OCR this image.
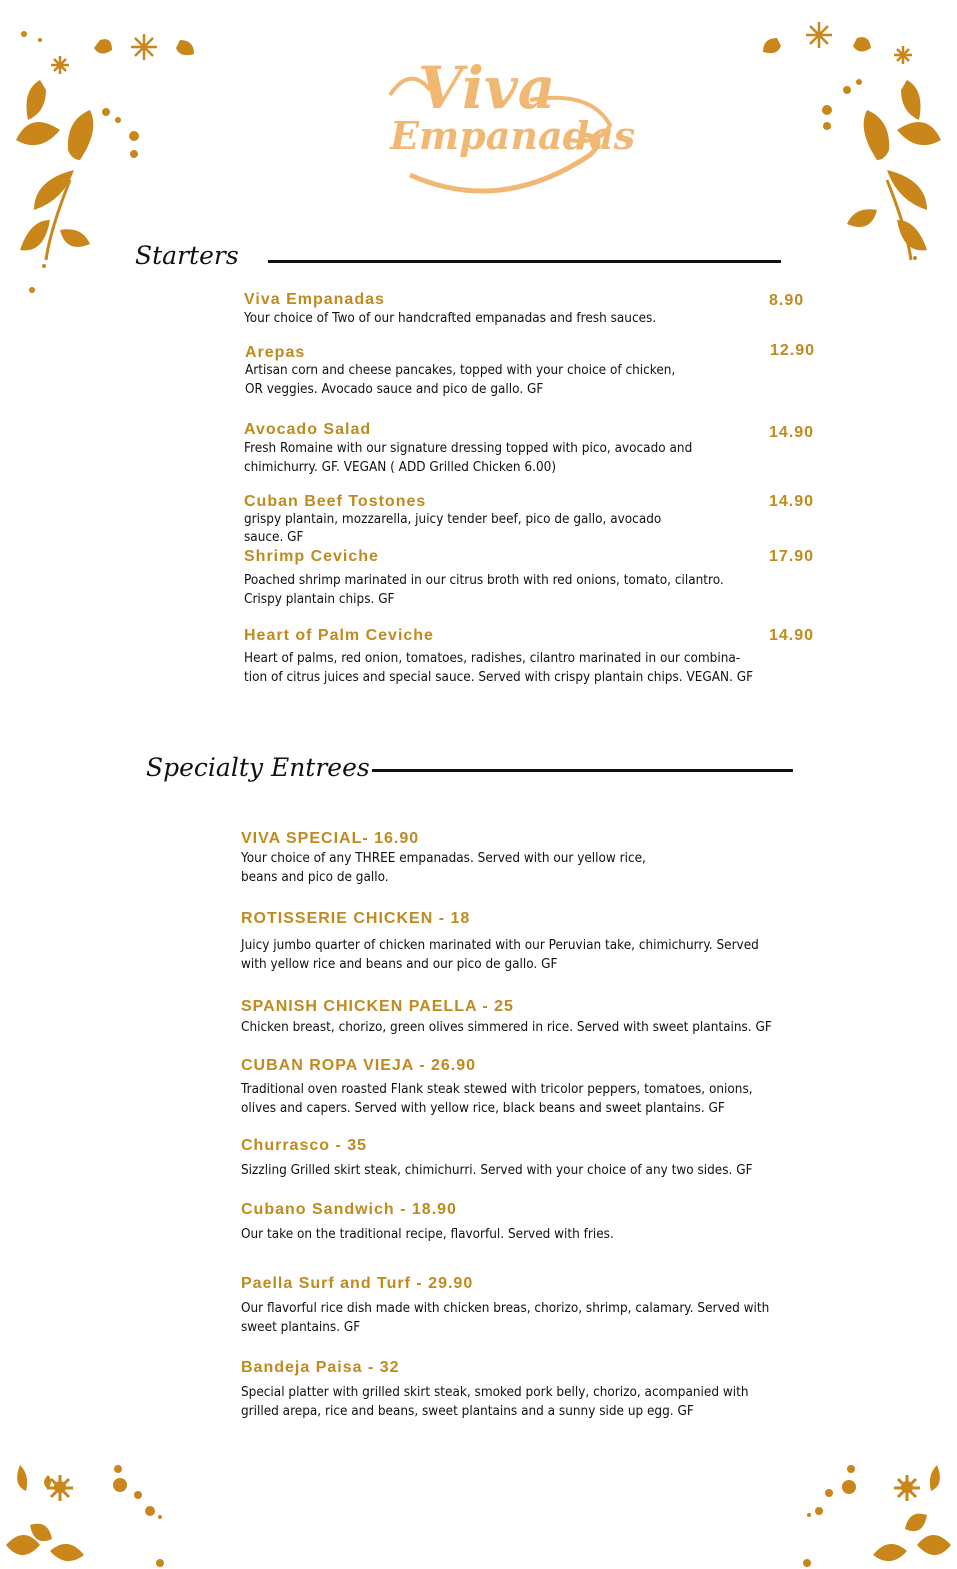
Viva
Empanadas
Starters
Viva Empanadas	8.90
Your choice of Two of our handcrafted empanadas and fresh sauces.
Arepas	12.90
Artisan corn and cheese pancakes, topped with your choice of chicken,
OR veggies. Avocado sauce and pico de gallo. GF
Avocado Salad	14.90
Fresh Romaine with our signature dressing topped with pico, avocado and
chimichurry. GF. VEGAN ( ADD Grilled Chicken 6.00)
Cuban Beef Tostones	14.90
grispy plantain, mozzarella, juicy tender beef, pico de gallo, avocado
sauce. GF
Shrimp Ceviche	17.90
Poached shrimp marinated in our citrus broth with red onions, tomato, cilantro.
Crispy plantain chips. GF
Heart of Palm Ceviche	14.90
Heart of palms, red onion, tomatoes, radishes, cilantro marinated in our combina-
tion of citrus juices and special sauce. Served with crispy plantain chips. VEGAN. GF
Specialty Entrees
VIVA SPECIAL- 16.90
Your choice of any THREE empanadas. Served with our yellow rice,
beans and pico de gallo.
ROTISSERIE CHICKEN - 18
Juicy jumbo quarter of chicken marinated with our Peruvian take, chimichurry. Served
with yellow rice and beans and our pico de gallo. GF
SPANISH CHICKEN PAELLA - 25
Chicken breast, chorizo, green olives simmered in rice. Served with sweet plantains. GF
CUBAN ROPA VIEJA - 26.90
Traditional oven roasted Flank steak stewed with tricolor peppers, tomatoes, onions,
olives and capers. Served with yellow rice, black beans and sweet plantains. GF
Churrasco - 35
Sizzling Grilled skirt steak, chimichurri. Served with your choice of any two sides. GF
Cubano Sandwich - 18.90
Our take on the traditional recipe, flavorful. Served with fries.
Paella Surf and Turf - 29.90
Our flavorful rice dish made with chicken breas, chorizo, shrimp, calamary. Served with
sweet plantains. GF
Bandeja Paisa - 32
Special platter with grilled skirt steak, smoked pork belly, chorizo, acompanied with
grilled arepa, rice and beans, sweet plantains and a sunny side up egg. GF
